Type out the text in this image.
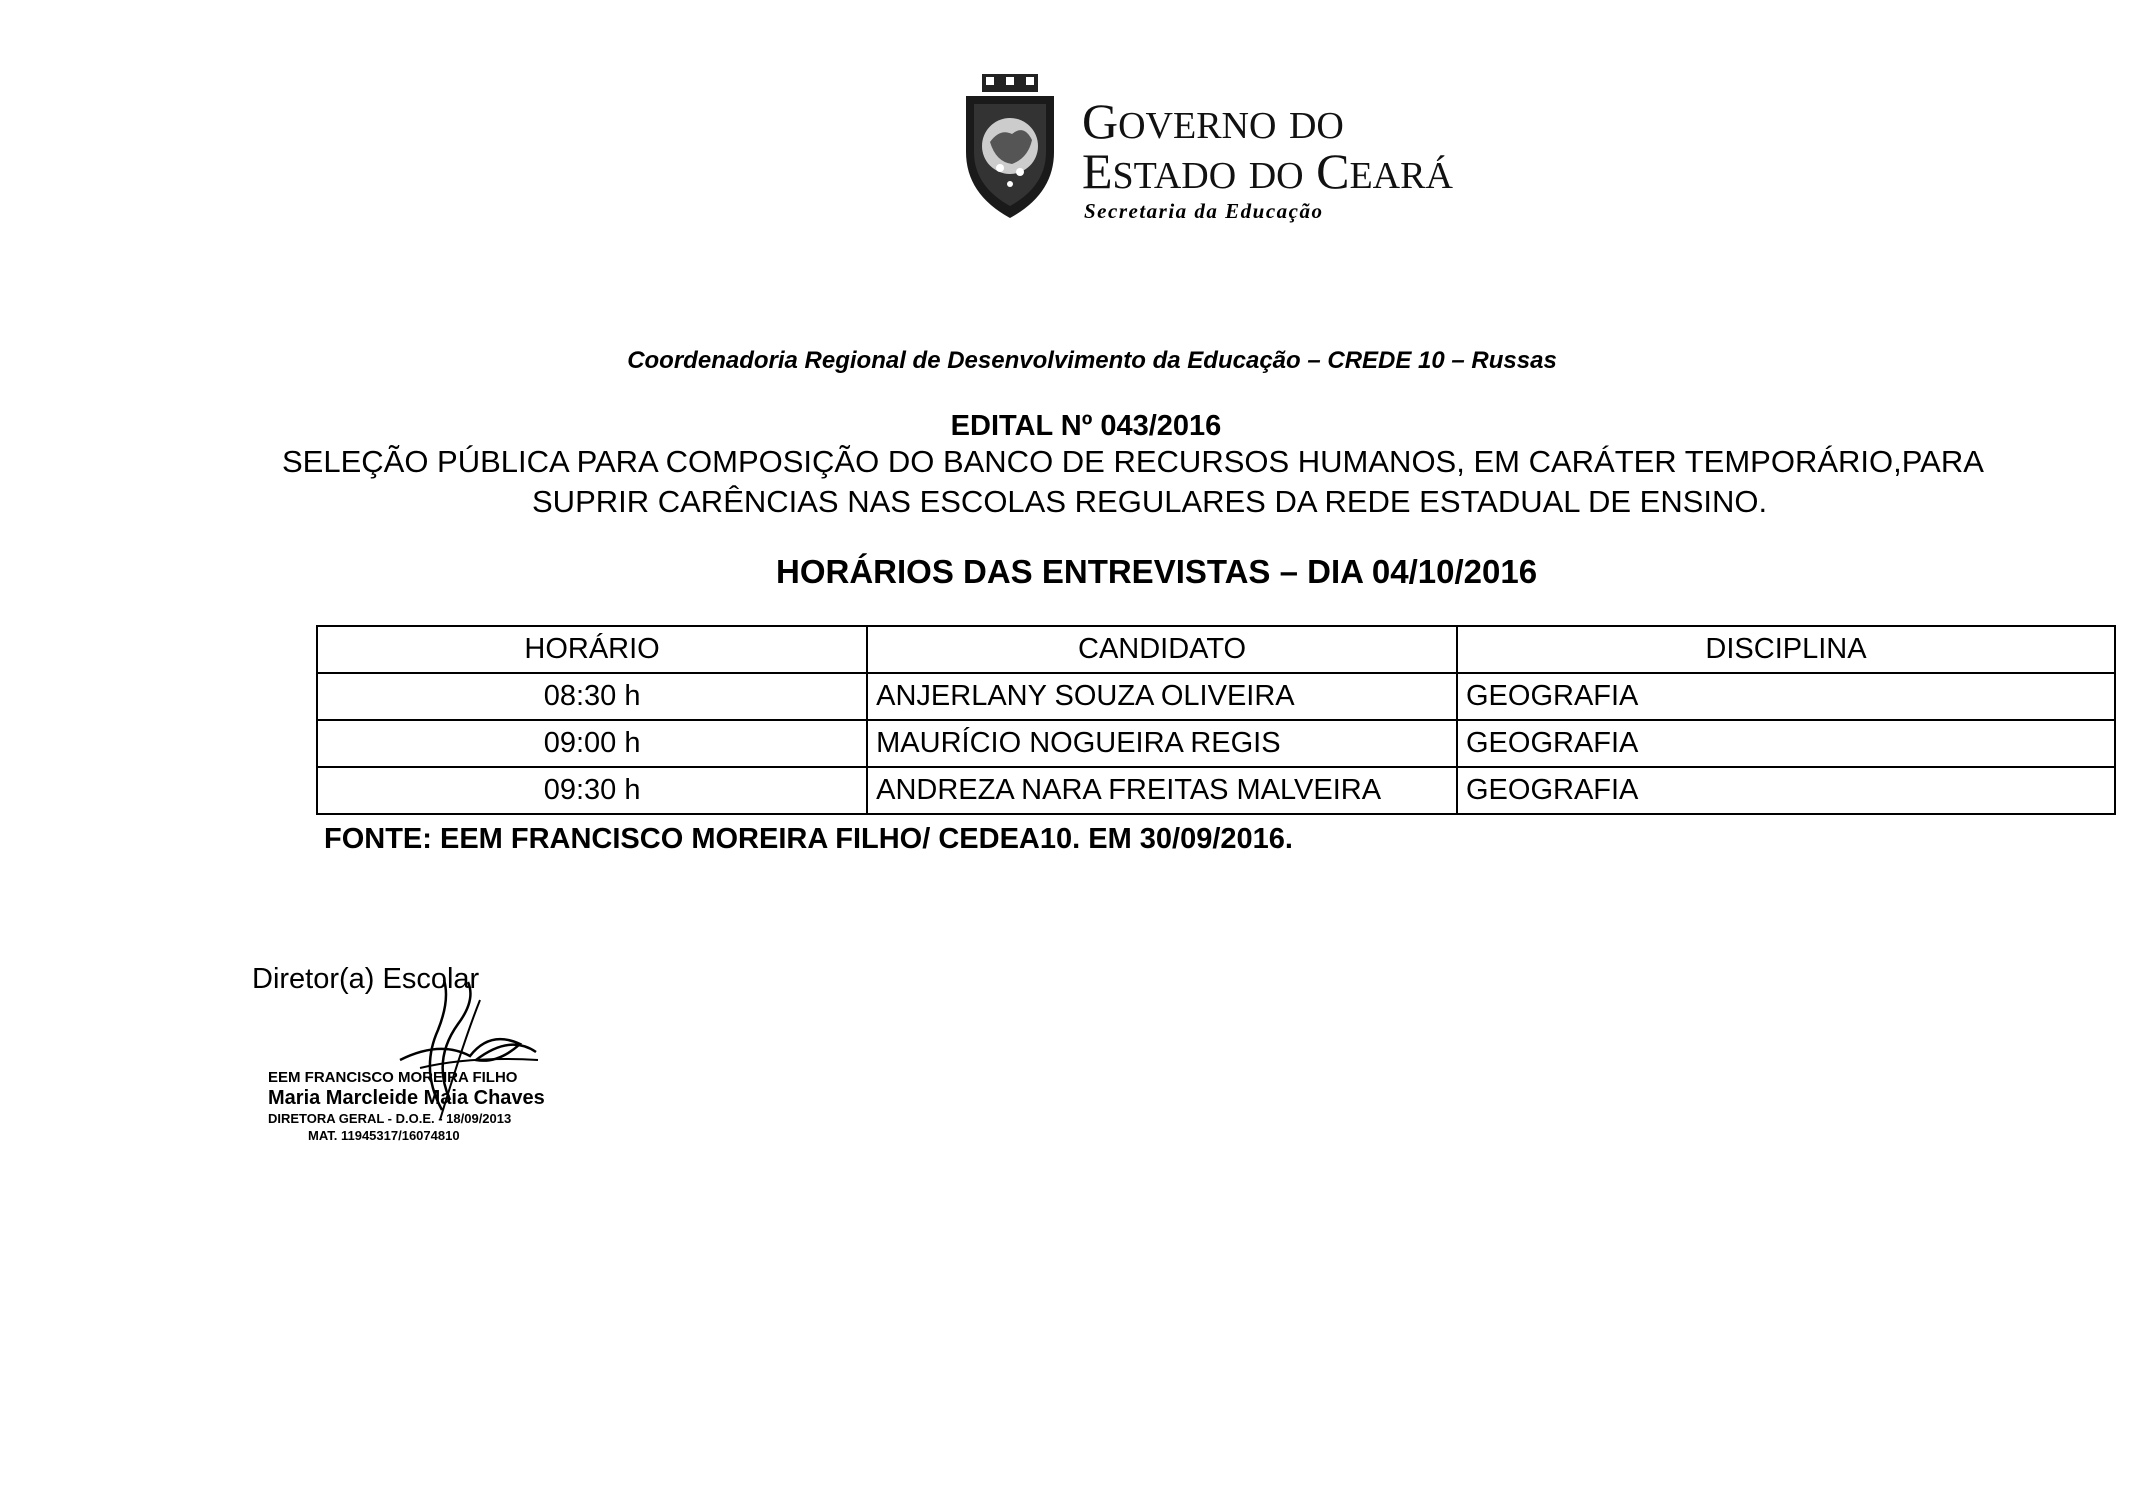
GOVERNO DO
ESTADO DO CEARÁ
Secretaria da Educação
Coordenadoria Regional de Desenvolvimento da Educação – CREDE 10 – Russas
EDITAL Nº 043/2016
SELEÇÃO PÚBLICA PARA COMPOSIÇÃO DO BANCO DE RECURSOS HUMANOS, EM CARÁTER TEMPORÁRIO,PARA
SUPRIR CARÊNCIAS NAS ESCOLAS REGULARES DA REDE ESTADUAL DE ENSINO.
HORÁRIOS DAS ENTREVISTAS – DIA 04/10/2016
HORÁRIO	CANDIDATO	DISCIPLINA
08:30 h	ANJERLANY SOUZA OLIVEIRA	GEOGRAFIA
09:00 h	MAURÍCIO NOGUEIRA REGIS	GEOGRAFIA
09:30 h	ANDREZA NARA FREITAS MALVEIRA	GEOGRAFIA
FONTE: EEM FRANCISCO MOREIRA FILHO/ CEDEA10. EM 30/09/2016.
Diretor(a) Escolar
EEM FRANCISCO MOREIRA FILHO
Maria Marcleide Maia Chaves
DIRETORA GERAL - D.O.E. - 18/09/2013
MAT. 11945317/16074810
